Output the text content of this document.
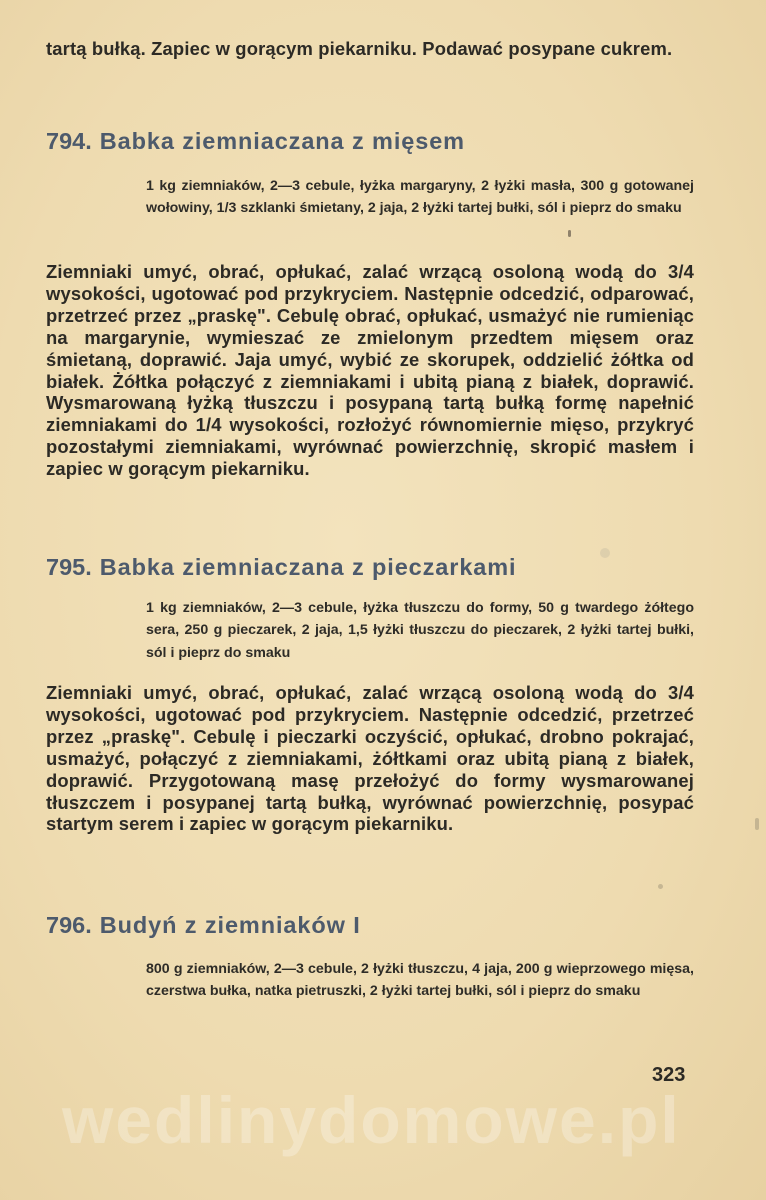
tartą bułką. Zapiec w gorącym piekarniku. Podawać posypane cukrem.
794. Babka ziemniaczana z mięsem
1 kg ziemniaków, 2—3 cebule, łyżka margaryny, 2 łyżki masła, 300 g gotowanej wołowiny, 1/3 szklanki śmietany, 2 jaja, 2 łyżki tartej bułki, sól i pieprz do smaku
Ziemniaki umyć, obrać, opłukać, zalać wrzącą osoloną wodą do 3/4 wysokości, ugotować pod przykryciem. Następnie odcedzić, odparować, przetrzeć przez „praskę". Cebulę obrać, opłukać, usmażyć nie rumieniąc na margarynie, wymieszać ze zmielonym przedtem mięsem oraz śmietaną, doprawić. Jaja umyć, wybić ze skorupek, oddzielić żółtka od białek. Żółtka połączyć z ziemniakami i ubitą pianą z białek, doprawić. Wysmarowaną łyżką tłuszczu i posypaną tartą bułką formę napełnić ziemniakami do 1/4 wysokości, rozłożyć równomiernie mięso, przykryć pozostałymi ziemniakami, wyrównać powierzchnię, skropić masłem i zapiec w gorącym piekarniku.
795. Babka ziemniaczana z pieczarkami
1 kg ziemniaków, 2—3 cebule, łyżka tłuszczu do formy, 50 g twardego żółtego sera, 250 g pieczarek, 2 jaja, 1,5 łyżki tłuszczu do pieczarek, 2 łyżki tartej bułki, sól i pieprz do smaku
Ziemniaki umyć, obrać, opłukać, zalać wrzącą osoloną wodą do 3/4 wysokości, ugotować pod przykryciem. Następnie odcedzić, przetrzeć przez „praskę". Cebulę i pieczarki oczyścić, opłukać, drobno pokrajać, usmażyć, połączyć z ziemniakami, żółtkami oraz ubitą pianą z białek, doprawić. Przygotowaną masę przełożyć do formy wysmarowanej tłuszczem i posypanej tartą bułką, wyrównać powierzchnię, posypać startym serem i zapiec w gorącym piekarniku.
796. Budyń z ziemniaków I
800 g ziemniaków, 2—3 cebule, 2 łyżki tłuszczu, 4 jaja, 200 g wieprzowego mięsa, czerstwa bułka, natka pietruszki, 2 łyżki tartej bułki, sól i pieprz do smaku
323
wedlinydomowe.pl
